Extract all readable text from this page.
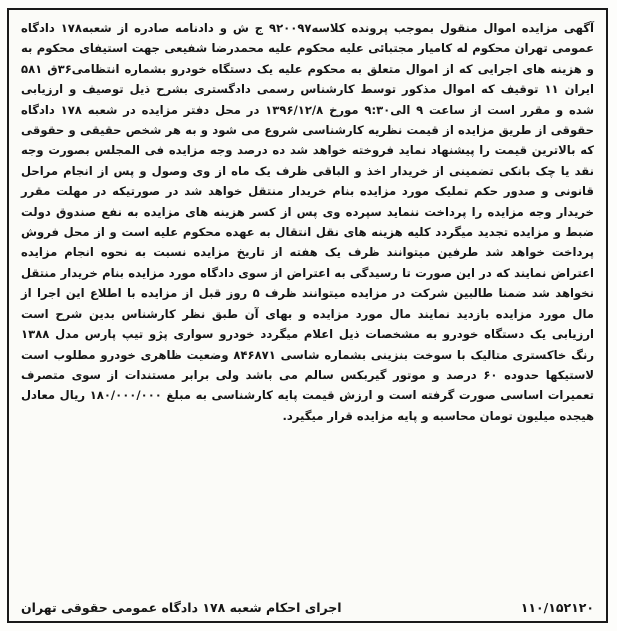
آگهی مزایده اموال منقول بموجب پرونده کلاسه۹۲۰۰۹۷ ج ش و دادنامه صادره از شعبه۱۷۸ دادگاه عمومی تهران محکوم له کامیار مجتبائی علیه محکوم علیه محمدرضا شفیعی جهت استیفای محکوم به و هزینه های اجرایی که از اموال متعلق به محکوم علیه یک دستگاه خودرو بشماره انتظامی۳۶ق ۵۸۱ ایران ۱۱ توقیف که اموال مذکور توسط کارشناس رسمی دادگستری بشرح ذیل توصیف و ارزیابی شده و مقرر است از ساعت ۹ الی۹:۳۰ مورخ ۱۳۹۶/۱۲/۸ در محل دفتر مزایده در شعبه ۱۷۸ دادگاه حقوقی از طریق مزایده از قیمت نظریه کارشناسی شروع می شود و به هر شخص حقیقی و حقوقی که بالاترین قیمت را پیشنهاد نماید فروخته خواهد شد ده درصد وجه مزایده فی المجلس بصورت وجه نقد یا چک بانکی تضمینی از خریدار اخذ و الباقی ظرف یک ماه از وی وصول و پس از انجام مراحل قانونی و صدور حکم تملیک مورد مزایده بنام خریدار منتقل خواهد شد در صورتیکه در مهلت مقرر خریدار وجه مزایده را پرداخت ننماید سپرده وی پس از کسر هزینه های مزایده به نفع صندوق دولت ضبط و مزایده تجدید میگردد کلیه هزینه های نقل انتقال به عهده محکوم علیه است و از محل فروش پرداخت خواهد شد طرفین میتوانند ظرف یک هفته از تاریخ مزایده نسبت به نحوه انجام مزایده اعتراض نمایند که در این صورت تا رسیدگی به اعتراض از سوی دادگاه مورد مزایده بنام خریدار منتقل نخواهد شد ضمنا طالبین شرکت در مزایده میتوانند ظرف ۵ روز قبل از مزایده با اطلاع این اجرا از مال مورد مزایده بازدید نمایند مال مورد مزایده و بهای آن طبق نظر کارشناس بدین شرح است ارزیابی یک دستگاه خودرو به مشخصات ذیل اعلام میگردد خودرو سواری پژو تیپ پارس مدل ۱۳۸۸ رنگ خاکستری متالیک با سوخت بنزینی بشماره شاسی ۸۴۶۸۷۱ وضعیت ظاهری خودرو مطلوب است لاستیکها حدوده ۶۰ درصد و موتور گیربکس سالم می باشد ولی برابر مستندات از سوی متصرف تعمیرات اساسی صورت گرفته است و ارزش قیمت پایه کارشناسی به مبلغ ۱۸۰/۰۰۰/۰۰۰ ریال معادل هیجده میلیون تومان محاسبه و پایه مزایده قرار میگیرد.

اجرای احکام شعبه ۱۷۸ دادگاه عمومی حقوقی تهران	۱۱۰/۱۵۲۱۲۰
